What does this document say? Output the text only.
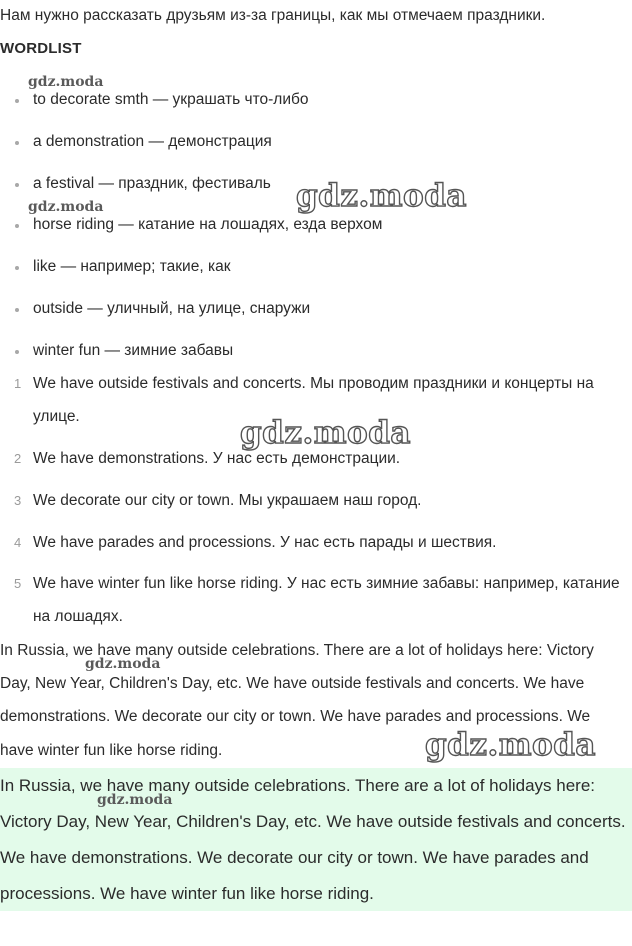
Нам нужно рассказать друзьям из-за границы, как мы отмечаем праздники.
WORDLIST
to decorate smth — украшать что-либо
a demonstration — демонстрация
a festival — праздник, фестиваль
horse riding — катание на лошадях, езда верхом
like — например; такие, как
outside — уличный, на улице, снаружи
winter fun — зимние забавы
1 We have outside festivals and concerts. Мы проводим праздники и концерты на улице.
2 We have demonstrations. У нас есть демонстрации.
3 We decorate our city or town. Мы украшаем наш город.
4 We have parades and processions. У нас есть парады и шествия.
5 We have winter fun like horse riding. У нас есть зимние забавы: например, катание на лошадях.
In Russia, we have many outside celebrations. There are a lot of holidays here: Victory Day, New Year, Children's Day, etc. We have outside festivals and concerts. We have demonstrations. We decorate our city or town. We have parades and processions. We have winter fun like horse riding.

In Russia, we have many outside celebrations. There are a lot of holidays here: Victory Day, New Year, Children's Day, etc. We have outside festivals and concerts. We have demonstrations. We decorate our city or town. We have parades and processions. We have winter fun like horse riding.

gdz.moda
gdz.moda	gdz.moda
gdz.moda
gdz.moda
gdz.moda
gdz.moda
